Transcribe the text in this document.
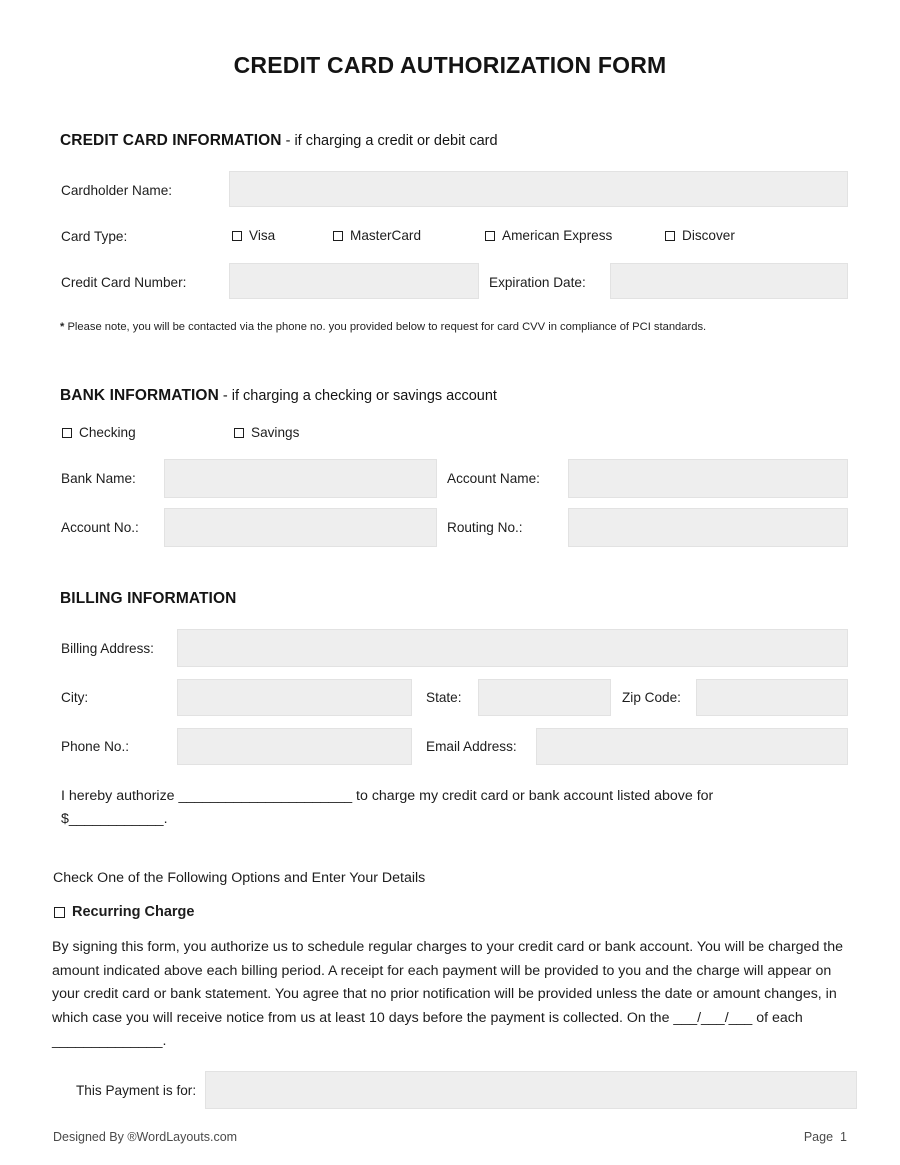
CREDIT CARD AUTHORIZATION FORM
CREDIT CARD INFORMATION - if charging a credit or debit card
Cardholder Name:
Card Type:	Visa	MasterCard	American Express	Discover
Credit Card Number:	Expiration Date:
* Please note, you will be contacted via the phone no. you provided below to request for card CVV in compliance of PCI standards.
BANK INFORMATION - if charging a checking or savings account
Checking	Savings
Bank Name:	Account Name:
Account No.:	Routing No.:
BILLING INFORMATION
Billing Address:
City:	State:	Zip Code:
Phone No.:	Email Address:
I hereby authorize ______________________ to charge my credit card or bank account listed above for
$____________.
Check One of the Following Options and Enter Your Details
Recurring Charge
By signing this form, you authorize us to schedule regular charges to your credit card or bank account. You will be charged the amount indicated above each billing period. A receipt for each payment will be provided to you and the charge will appear on your credit card or bank statement. You agree that no prior notification will be provided unless the date or amount changes, in which case you will receive notice from us at least 10 days before the payment is collected. On the ___/___/___ of each ______________.
This Payment is for:
Designed By ®WordLayouts.com	Page 1
